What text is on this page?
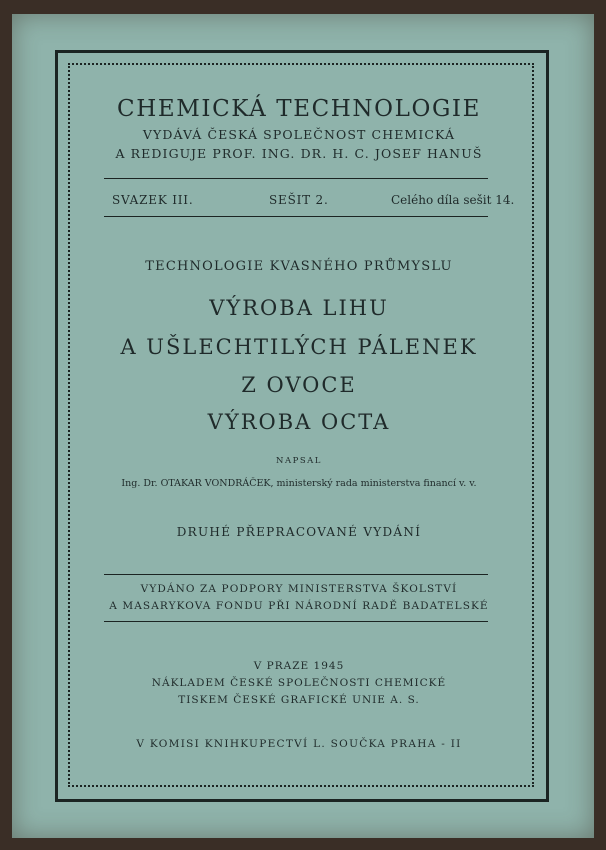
CHEMICKÁ TECHNOLOGIE
VYDÁVÁ ČESKÁ SPOLEČNOST CHEMICKÁ
A REDIGUJE PROF. ING. DR. H. C. JOSEF HANUŠ
SVAZEK III.	SEŠIT 2.	Celého díla sešit 14.
TECHNOLOGIE KVASNÉHO PRŮMYSLU
VÝROBA LIHU
A UŠLECHTILÝCH PÁLENEK
Z OVOCE
VÝROBA OCTA
NAPSAL
Ing. Dr. OTAKAR VONDRÁČEK, ministerský rada ministerstva financí v. v.
DRUHÉ PŘEPRACOVANÉ VYDÁNÍ
VYDÁNO ZA PODPORY MINISTERSTVA ŠKOLSTVÍ
A MASARYKOVA FONDU PŘI NÁRODNÍ RADĚ BADATELSKÉ
V PRAZE 1945
NÁKLADEM ČESKÉ SPOLEČNOSTI CHEMICKÉ
TISKEM ČESKÉ GRAFICKÉ UNIE A. S.
V KOMISI KNIHKUPECTVÍ L. SOUČKA PRAHA - II
